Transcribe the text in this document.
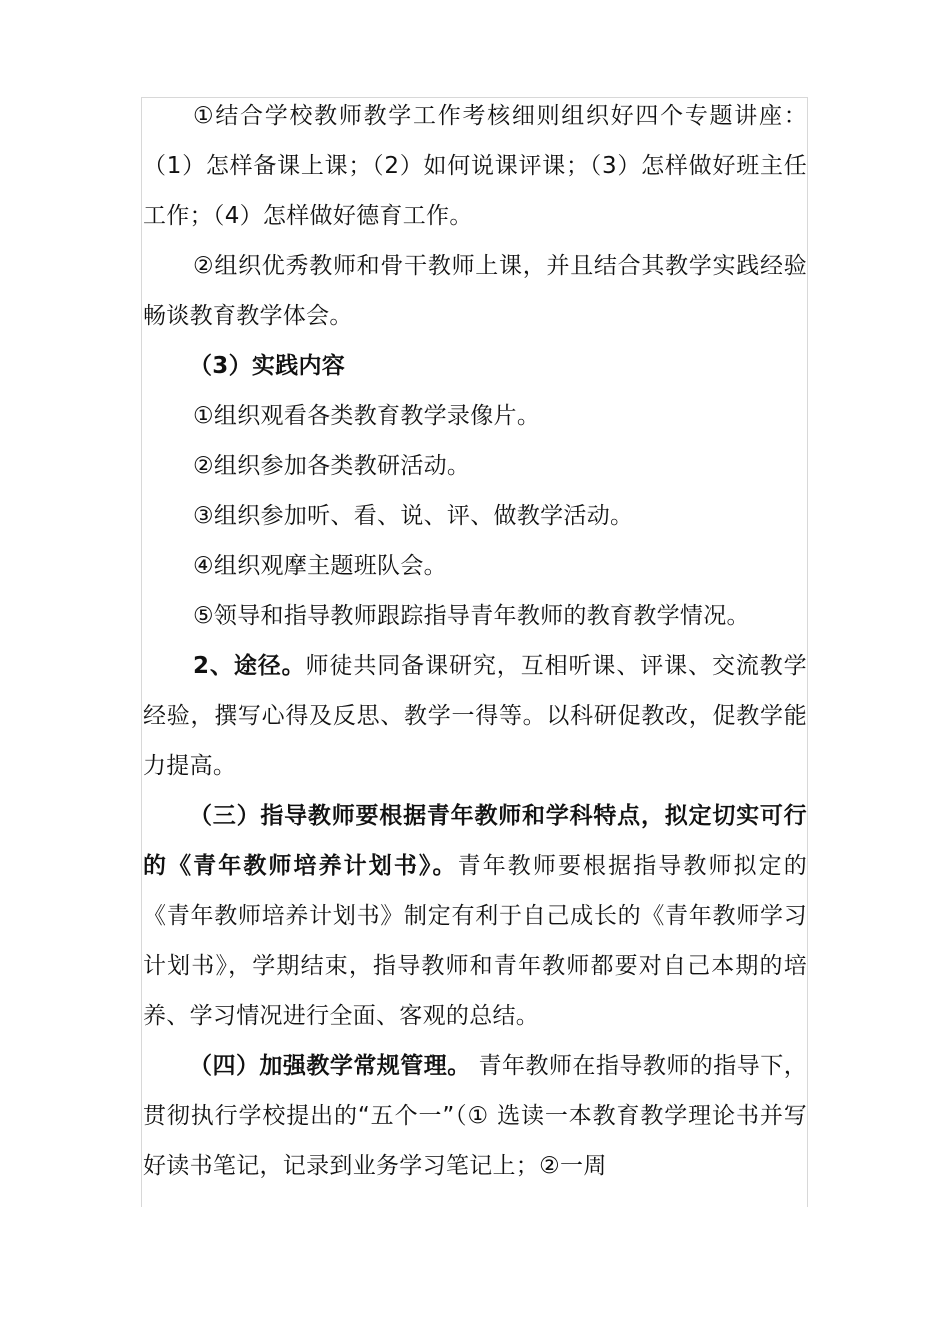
①结合学校教师教学工作考核细则组织好四个专题讲座：（1）怎样备课上课；（2）如何说课评课；（3）怎样做好班主任工作；（4）怎样做好德育工作。

②组织优秀教师和骨干教师上课，并且结合其教学实践经验畅谈教育教学体会。

（3）实践内容

①组织观看各类教育教学录像片。

②组织参加各类教研活动。

③组织参加听、看、说、评、做教学活动。

④组织观摩主题班队会。

⑤领导和指导教师跟踪指导青年教师的教育教学情况。

2、途径。师徒共同备课研究，互相听课、评课、交流教学经验，撰写心得及反思、教学一得等。以科研促教改，促教学能力提高。

（三）指导教师要根据青年教师和学科特点，拟定切实可行的《青年教师培养计划书》。青年教师要根据指导教师拟定的《青年教师培养计划书》制定有利于自己成长的《青年教师学习计划书》，学期结束，指导教师和青年教师都要对自己本期的培养、学习情况进行全面、客观的总结。

（四）加强教学常规管理。 青年教师在指导教师的指导下，贯彻执行学校提出的“五个一”（① 选读一本教育教学理论书并写好读书笔记，记录到业务学习笔记上；②一周
